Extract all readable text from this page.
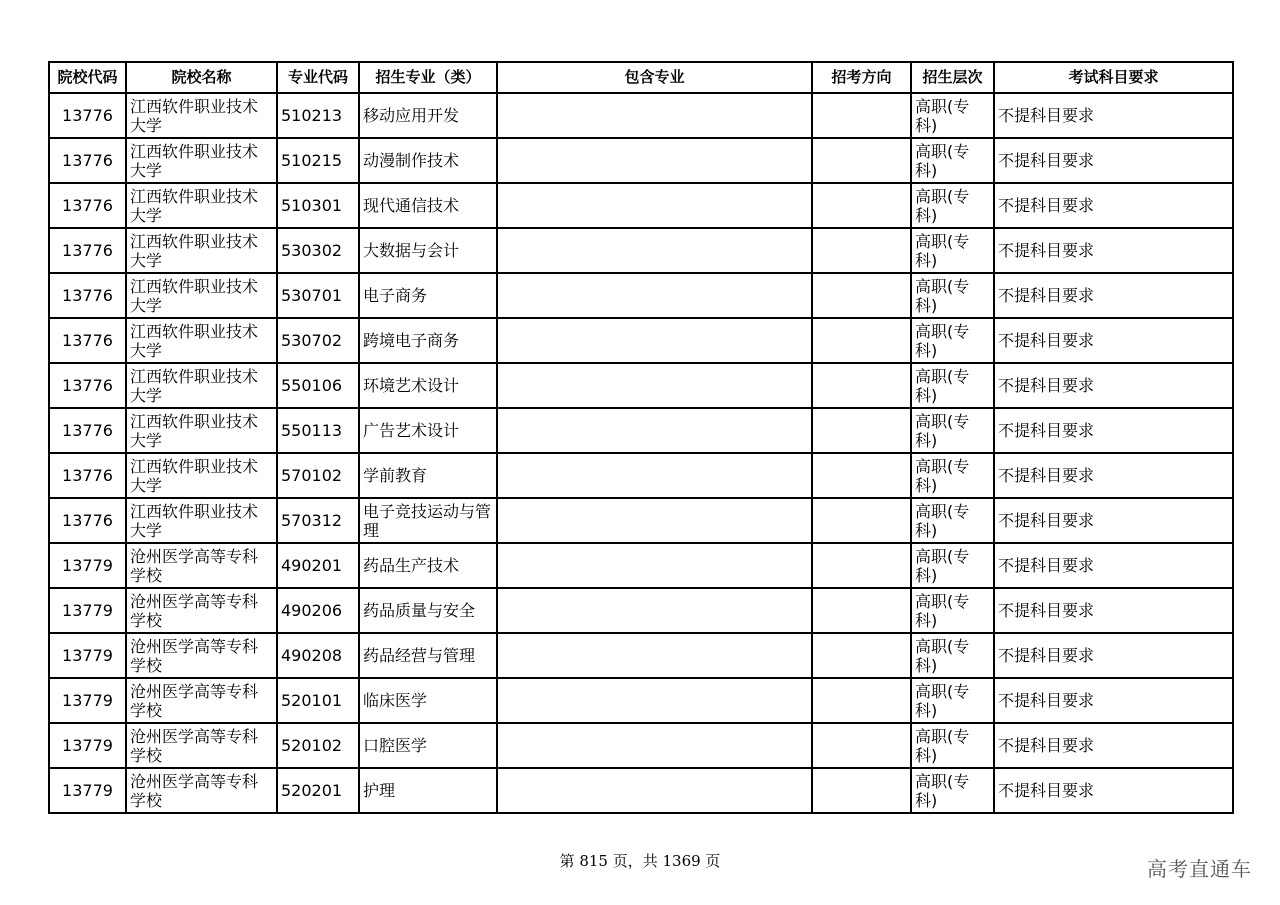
院校代码	院校名称	专业代码	招生专业（类）	包含专业	招考方向	招生层次	考试科目要求
13776	江西软件职业技术大学	510213	移动应用开发			高职(专科)	不提科目要求
13776	江西软件职业技术大学	510215	动漫制作技术			高职(专科)	不提科目要求
13776	江西软件职业技术大学	510301	现代通信技术			高职(专科)	不提科目要求
13776	江西软件职业技术大学	530302	大数据与会计			高职(专科)	不提科目要求
13776	江西软件职业技术大学	530701	电子商务			高职(专科)	不提科目要求
13776	江西软件职业技术大学	530702	跨境电子商务			高职(专科)	不提科目要求
13776	江西软件职业技术大学	550106	环境艺术设计			高职(专科)	不提科目要求
13776	江西软件职业技术大学	550113	广告艺术设计			高职(专科)	不提科目要求
13776	江西软件职业技术大学	570102	学前教育			高职(专科)	不提科目要求
13776	江西软件职业技术大学	570312	电子竞技运动与管理			高职(专科)	不提科目要求
13779	沧州医学高等专科学校	490201	药品生产技术			高职(专科)	不提科目要求
13779	沧州医学高等专科学校	490206	药品质量与安全			高职(专科)	不提科目要求
13779	沧州医学高等专科学校	490208	药品经营与管理			高职(专科)	不提科目要求
13779	沧州医学高等专科学校	520101	临床医学			高职(专科)	不提科目要求
13779	沧州医学高等专科学校	520102	口腔医学			高职(专科)	不提科目要求
13779	沧州医学高等专科学校	520201	护理			高职(专科)	不提科目要求
第 815 页，共 1369 页	高考直通车
